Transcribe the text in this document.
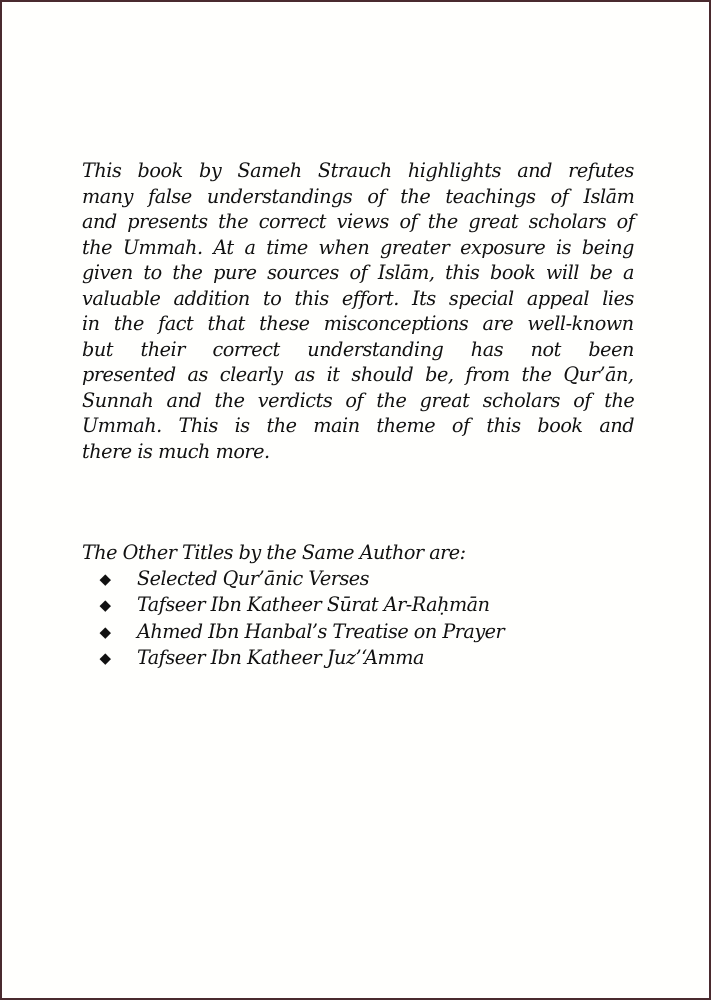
This book by Sameh Strauch highlights and refutes
many false understandings of the teachings of Islām
and presents the correct views of the great scholars of
the Ummah. At a time when greater exposure is being
given to the pure sources of Islām, this book will be a
valuable addition to this effort. Its special appeal lies
in the fact that these misconceptions are well-known
but their correct understanding has not been
presented as clearly as it should be, from the Qur’ān,
Sunnah and the verdicts of the great scholars of the
Ummah. This is the main theme of this book and
there is much more.
The Other Titles by the Same Author are:
◆ Selected Qur’ānic Verses
◆ Tafseer Ibn Katheer Sūrat Ar-Raḥmān
◆ Ahmed Ibn Hanbal’s Treatise on Prayer
◆ Tafseer Ibn Katheer Juz’‘Amma
